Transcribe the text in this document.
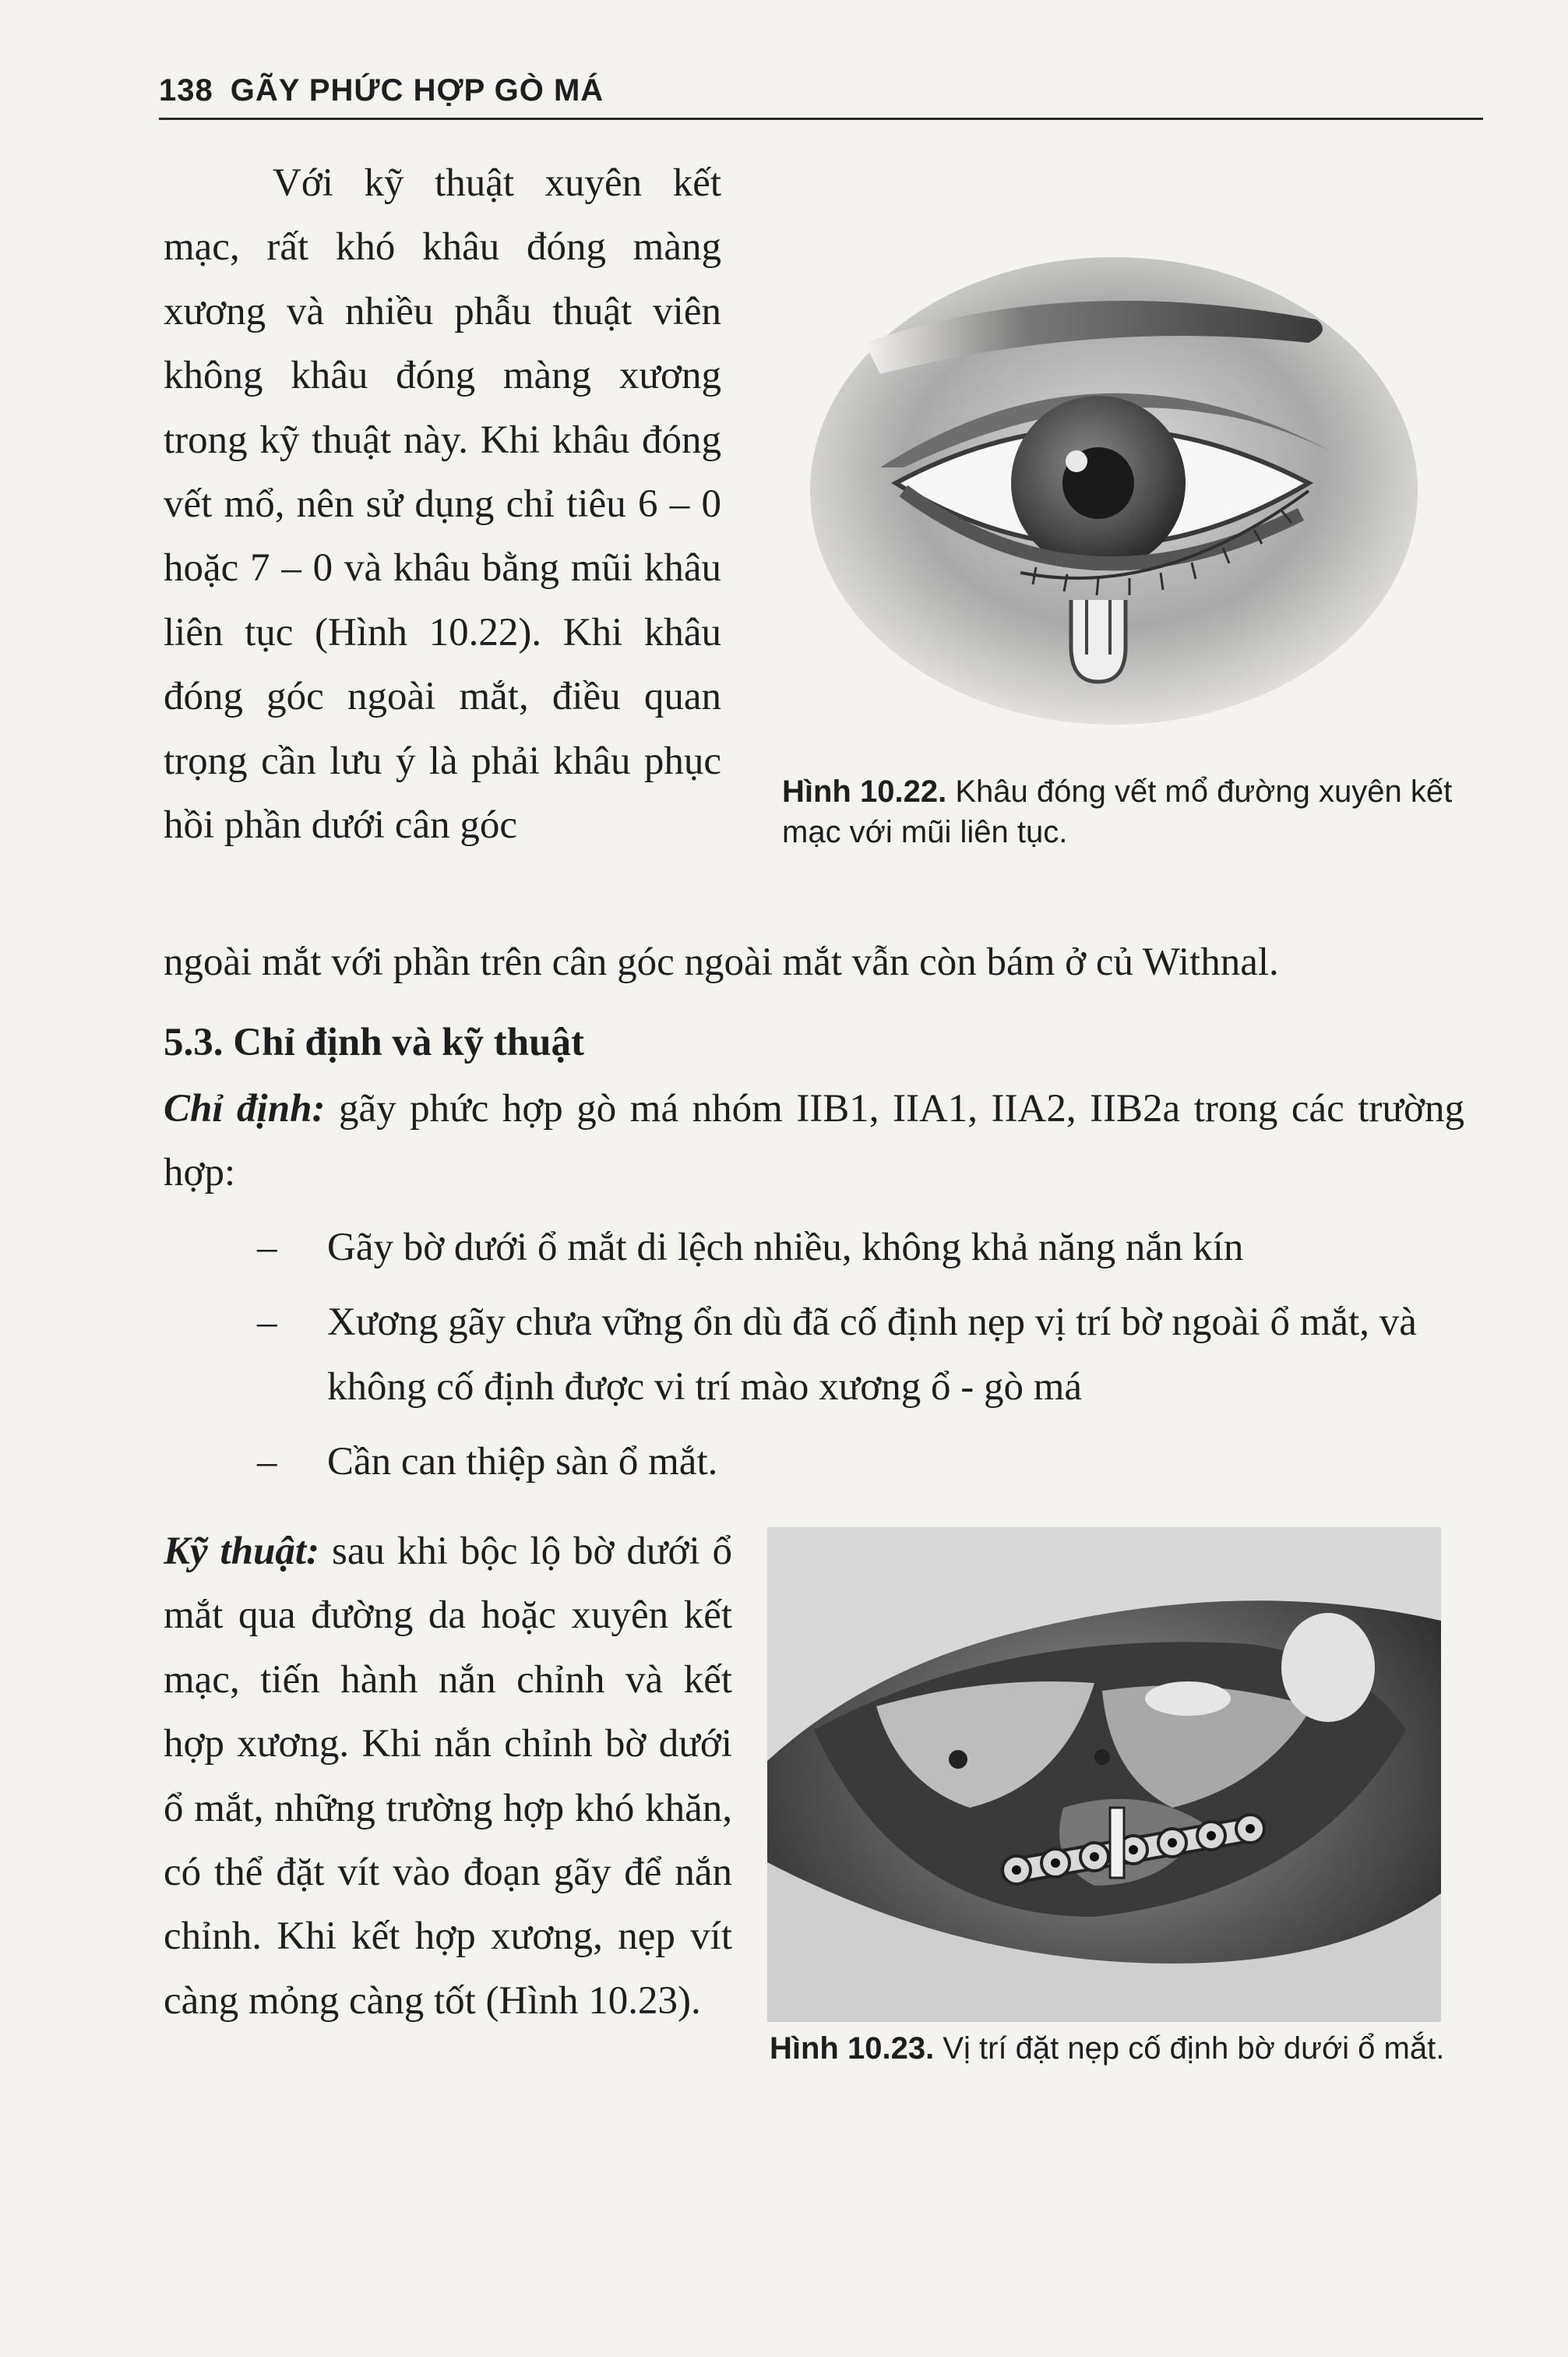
138 GÃY PHỨC HỢP GÒ MÁ

Với kỹ thuật xuyên kết mạc, rất khó khâu đóng màng xương và nhiều phẫu thuật viên không khâu đóng màng xương trong kỹ thuật này. Khi khâu đóng vết mổ, nên sử dụng chỉ tiêu 6 – 0 hoặc 7 – 0 và khâu bằng mũi khâu liên tục (Hình 10.22). Khi khâu đóng góc ngoài mắt, điều quan trọng cần lưu ý là phải khâu phục hồi phần dưới cân góc

Hình 10.22. Khâu đóng vết mổ đường xuyên kết mạc với mũi liên tục.

ngoài mắt với phần trên cân góc ngoài mắt vẫn còn bám ở củ Withnal.

5.3. Chỉ định và kỹ thuật

Chỉ định: gãy phức hợp gò má nhóm IIB1, IIA1, IIA2, IIB2a trong các trường hợp:

– Gãy bờ dưới ổ mắt di lệch nhiều, không khả năng nắn kín
– Xương gãy chưa vững ổn dù đã cố định nẹp vị trí bờ ngoài ổ mắt, và không cố định được vi trí mào xương ổ - gò má
– Cần can thiệp sàn ổ mắt.

Kỹ thuật: sau khi bộc lộ bờ dưới ổ mắt qua đường da hoặc xuyên kết mạc, tiến hành nắn chỉnh và kết hợp xương. Khi nắn chỉnh bờ dưới ổ mắt, những trường hợp khó khăn, có thể đặt vít vào đoạn gãy để nắn chỉnh. Khi kết hợp xương, nẹp vít càng mỏng càng tốt (Hình 10.23).

Hình 10.23. Vị trí đặt nẹp cố định bờ dưới ổ mắt.
